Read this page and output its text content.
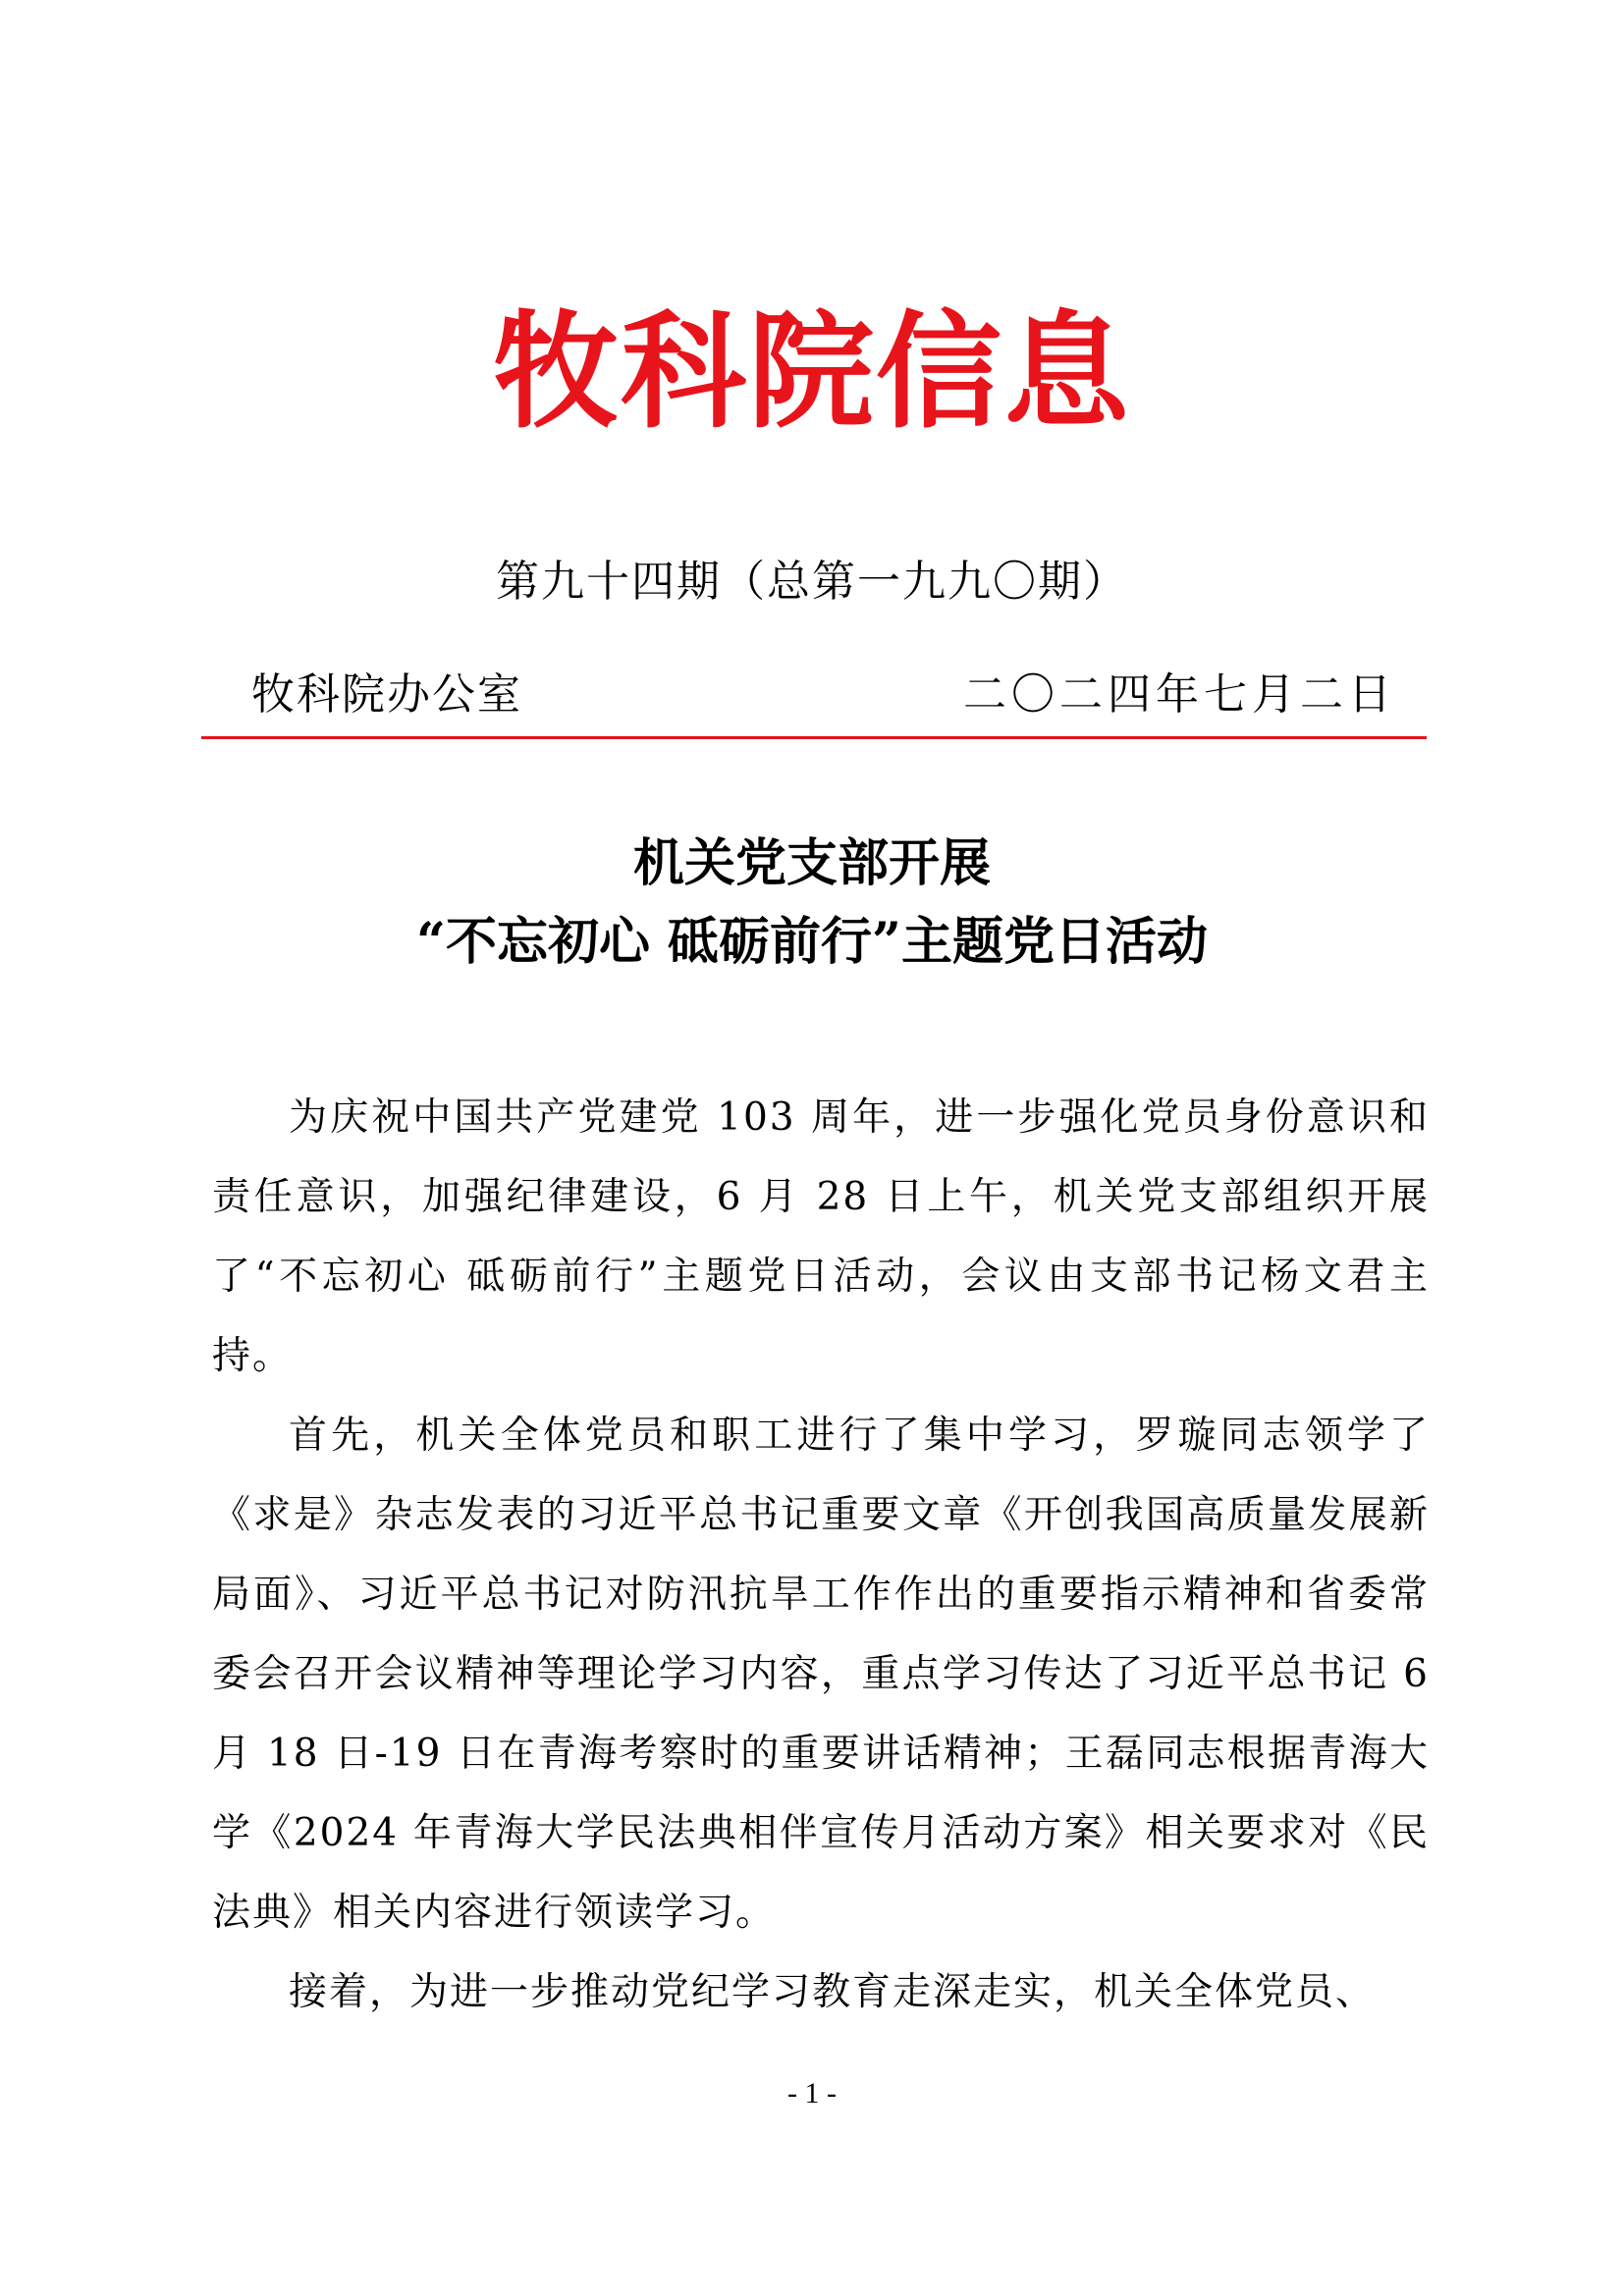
牧科院信息
第九十四期（总第一九九〇期）
牧科院办公室	二〇二四年七月二日
机关党支部开展
“不忘初心 砥砺前行”主题党日活动

为庆祝中国共产党建党 103 周年，进一步强化党员身份意识和责任意识，加强纪律建设，6 月 28 日上午，机关党支部组织开展了“不忘初心 砥砺前行”主题党日活动，会议由支部书记杨文君主持。

首先，机关全体党员和职工进行了集中学习，罗璇同志领学了《求是》杂志发表的习近平总书记重要文章《开创我国高质量发展新局面》、习近平总书记对防汛抗旱工作作出的重要指示精神和省委常委会召开会议精神等理论学习内容，重点学习传达了习近平总书记 6 月 18 日-19 日在青海考察时的重要讲话精神；王磊同志根据青海大学《2024 年青海大学民法典相伴宣传月活动方案》相关要求对《民法典》相关内容进行领读学习。

接着，为进一步推动党纪学习教育走深走实，机关全体党员、

- 1 -
